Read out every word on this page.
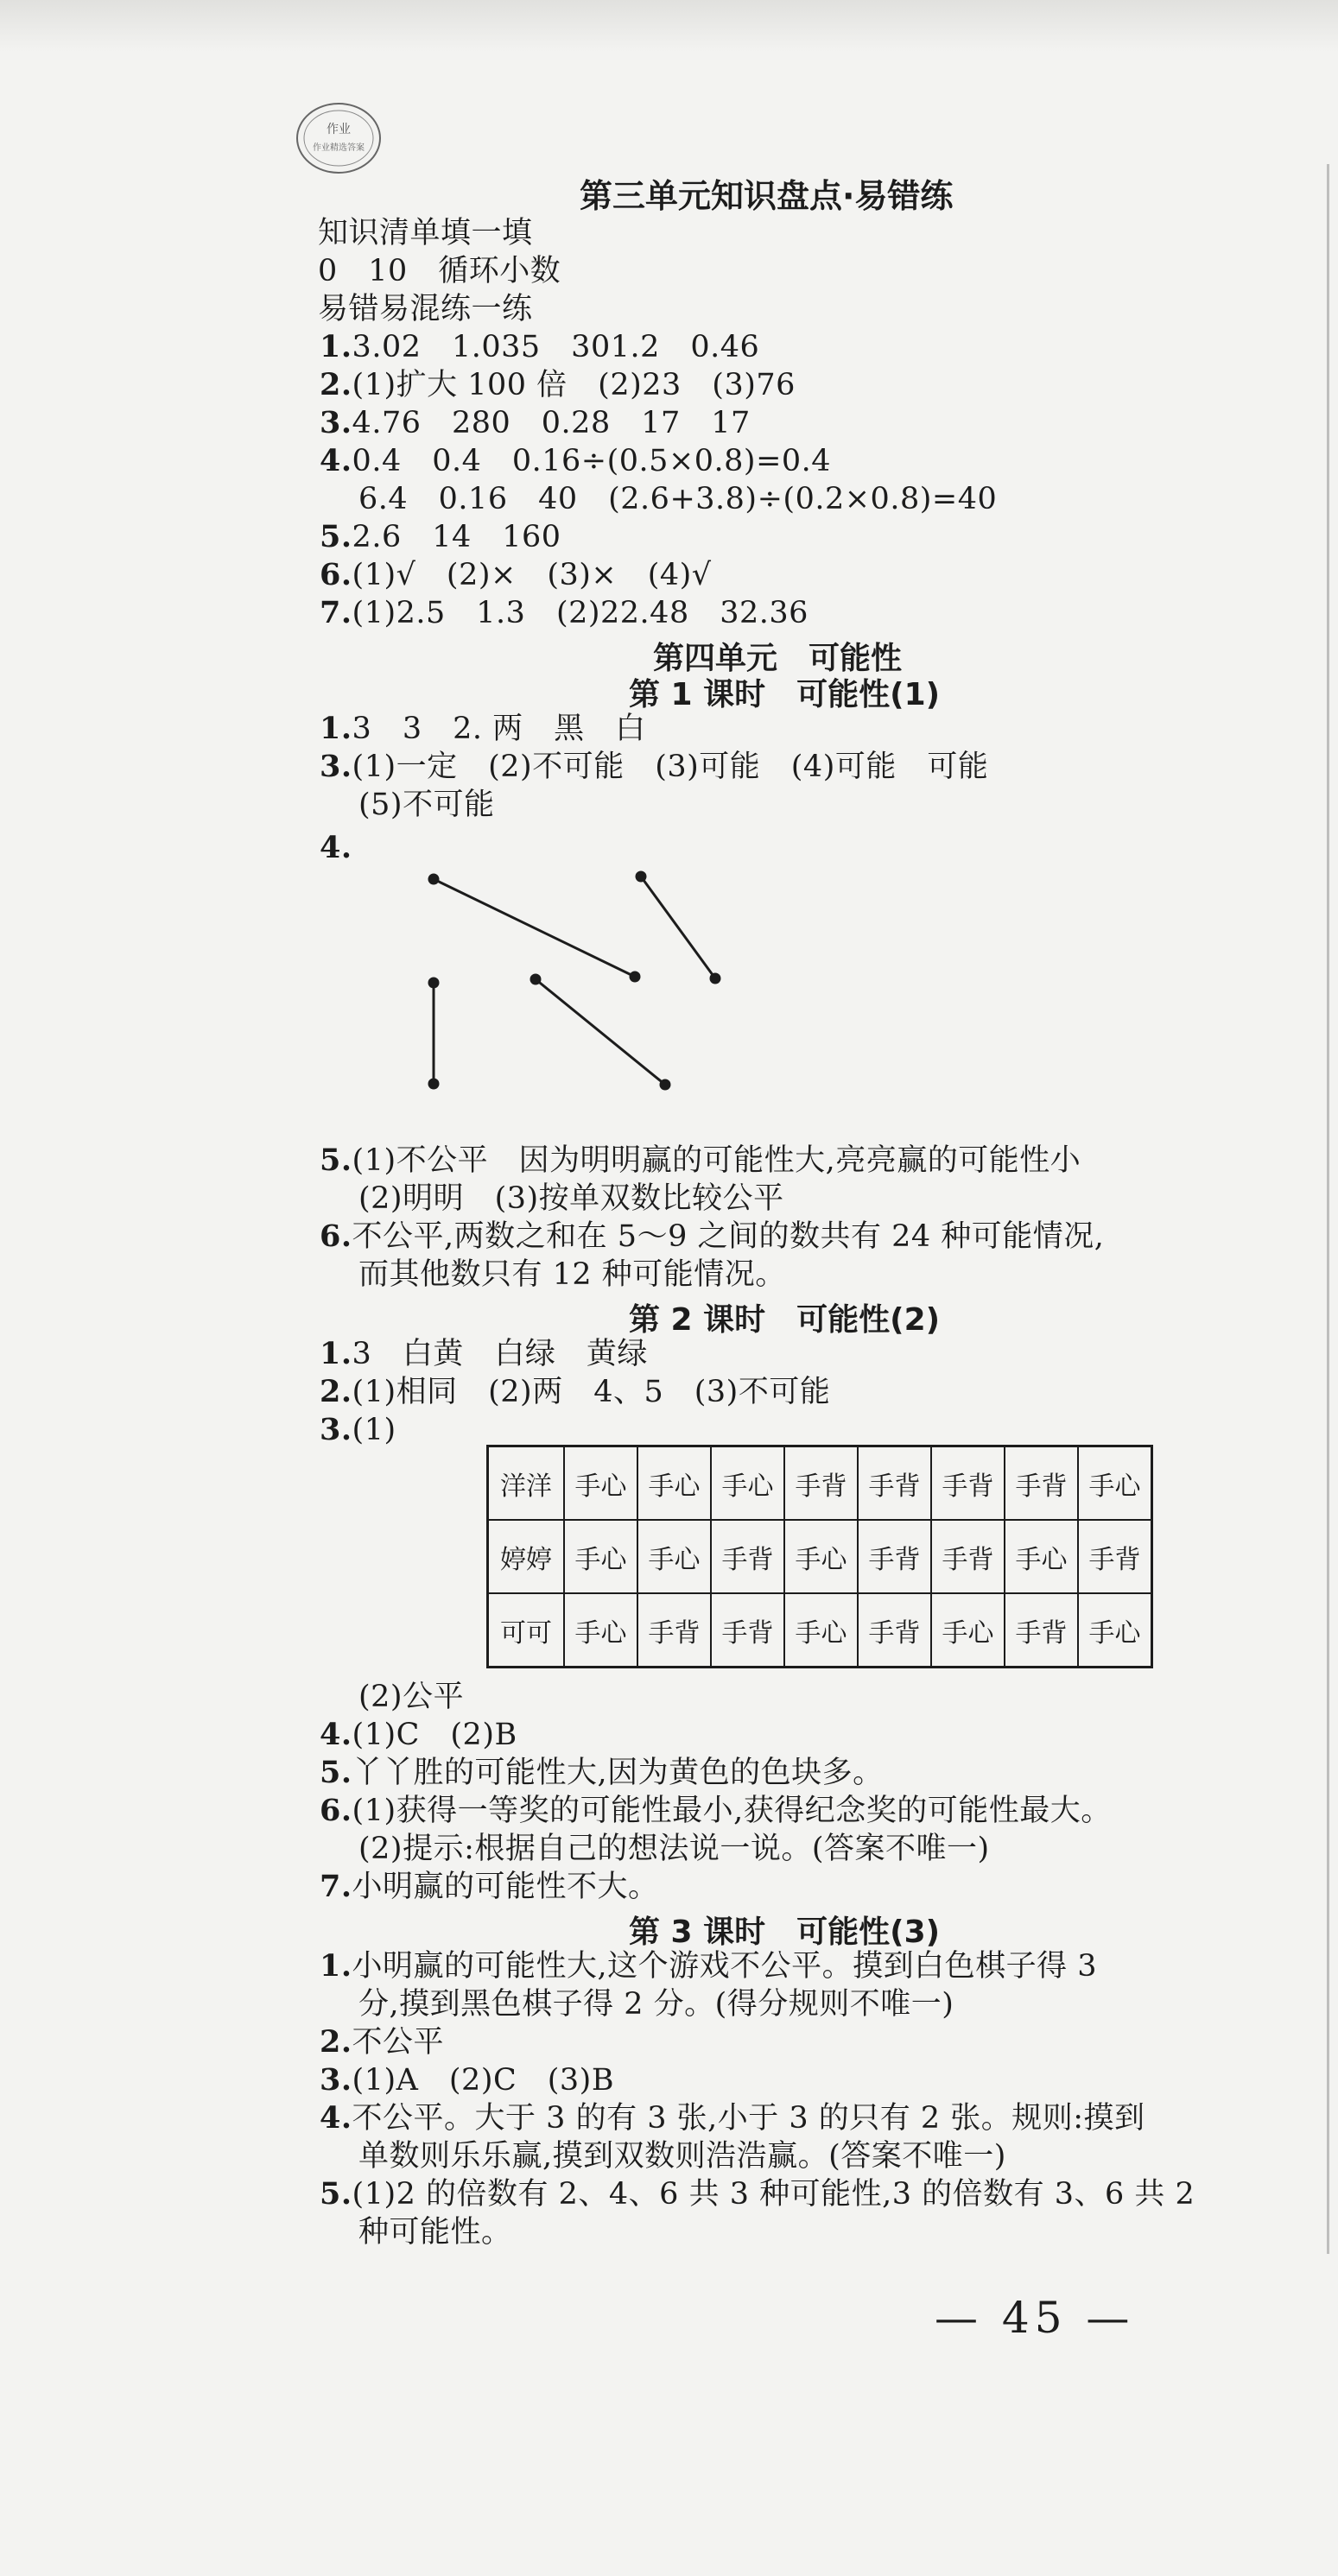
作业
作业精选答案
第三单元知识盘点·易错练
知识清单填一填
0　10　循环小数
易错易混练一练
1.3.02　1.035　301.2　0.46
2.(1)扩大 100 倍　(2)23　(3)76
3.4.76　280　0.28　17　17
4.0.4　0.4　0.16÷(0.5×0.8)=0.4
6.4　0.16　40　(2.6+3.8)÷(0.2×0.8)=40
5.2.6　14　160
6.(1)√　(2)×　(3)×　(4)√
7.(1)2.5　1.3　(2)22.48　32.36
第四单元　可能性
第 1 课时　可能性(1)
1.3　3　2. 两　黑　白
3.(1)一定　(2)不可能　(3)可能　(4)可能　可能
(5)不可能
4.
5.(1)不公平　因为明明赢的可能性大,亮亮赢的可能性小
(2)明明　(3)按单双数比较公平
6.不公平,两数之和在 5～9 之间的数共有 24 种可能情况,
而其他数只有 12 种可能情况。
第 2 课时　可能性(2)
1.3　白黄　白绿　黄绿
2.(1)相同　(2)两　4、5　(3)不可能
3.(1)
洋洋	手心	手心	手心	手背	手背	手背	手背	手心
婷婷	手心	手心	手背	手心	手背	手背	手心	手背
可可	手心	手背	手背	手心	手背	手心	手背	手心
(2)公平
4.(1)C　(2)B
5.丫丫胜的可能性大,因为黄色的色块多。
6.(1)获得一等奖的可能性最小,获得纪念奖的可能性最大。
(2)提示:根据自己的想法说一说。(答案不唯一)
7.小明赢的可能性不大。
第 3 课时　可能性(3)
1.小明赢的可能性大,这个游戏不公平。摸到白色棋子得 3
分,摸到黑色棋子得 2 分。(得分规则不唯一)
2.不公平
3.(1)A　(2)C　(3)B
4.不公平。大于 3 的有 3 张,小于 3 的只有 2 张。规则:摸到
单数则乐乐赢,摸到双数则浩浩赢。(答案不唯一)
5.(1)2 的倍数有 2、4、6 共 3 种可能性,3 的倍数有 3、6 共 2
种可能性。
— 45 —
